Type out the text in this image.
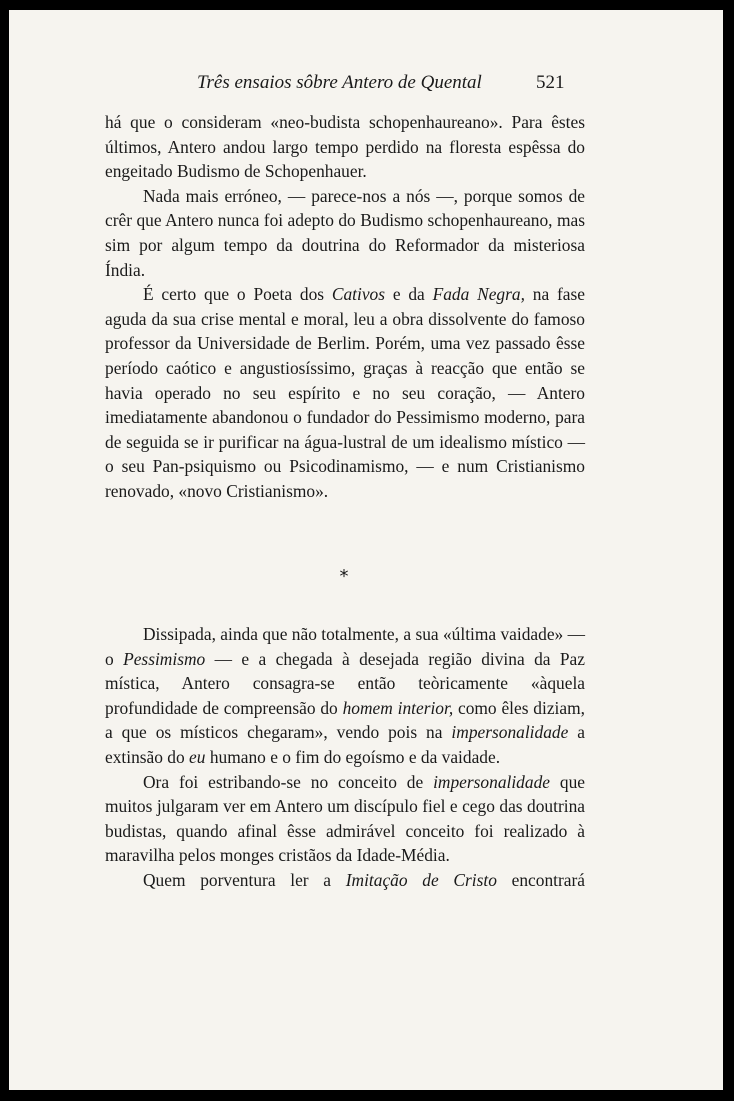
Três ensaios sôbre Antero de Quental	521

há que o consideram «neo-budista schopenhaureano». Para êstes últimos, Antero andou largo tempo perdido na floresta espêssa do engeitado Budismo de Schopenhauer.

Nada mais erróneo, — parece-nos a nós —, porque somos de crêr que Antero nunca foi adepto do Budismo schopenhaureano, mas sim por algum tempo da doutrina do Reformador da misteriosa Índia.

É certo que o Poeta dos Cativos e da Fada Negra, na fase aguda da sua crise mental e moral, leu a obra dissolvente do famoso professor da Universidade de Berlim. Porém, uma vez passado êsse período caótico e angustiosíssimo, graças à reacção que então se havia operado no seu espírito e no seu coração, — Antero imediatamente abandonou o fundador do Pessimismo moderno, para de seguida se ir purificar na água-lustral de um idealismo místico — o seu Pan-psiquismo ou Psicodinamismo, — e num Cristianismo renovado, «novo Cristianismo».

*

Dissipada, ainda que não totalmente, a sua «última vaidade» — o Pessimismo — e a chegada à desejada região divina da Paz mística, Antero consagra-se então teòricamente «àquela profundidade de compreensão do homem interior, como êles diziam, a que os místicos chegaram», vendo pois na impersonalidade a extinsão do eu humano e o fim do egoísmo e da vaidade.

Ora foi estribando-se no conceito de impersonalidade que muitos julgaram ver em Antero um discípulo fiel e cego das doutrina budistas, quando afinal êsse admirável conceito foi realizado à maravilha pelos monges cristãos da Idade-Média.

Quem porventura ler a Imitação de Cristo encontrará
